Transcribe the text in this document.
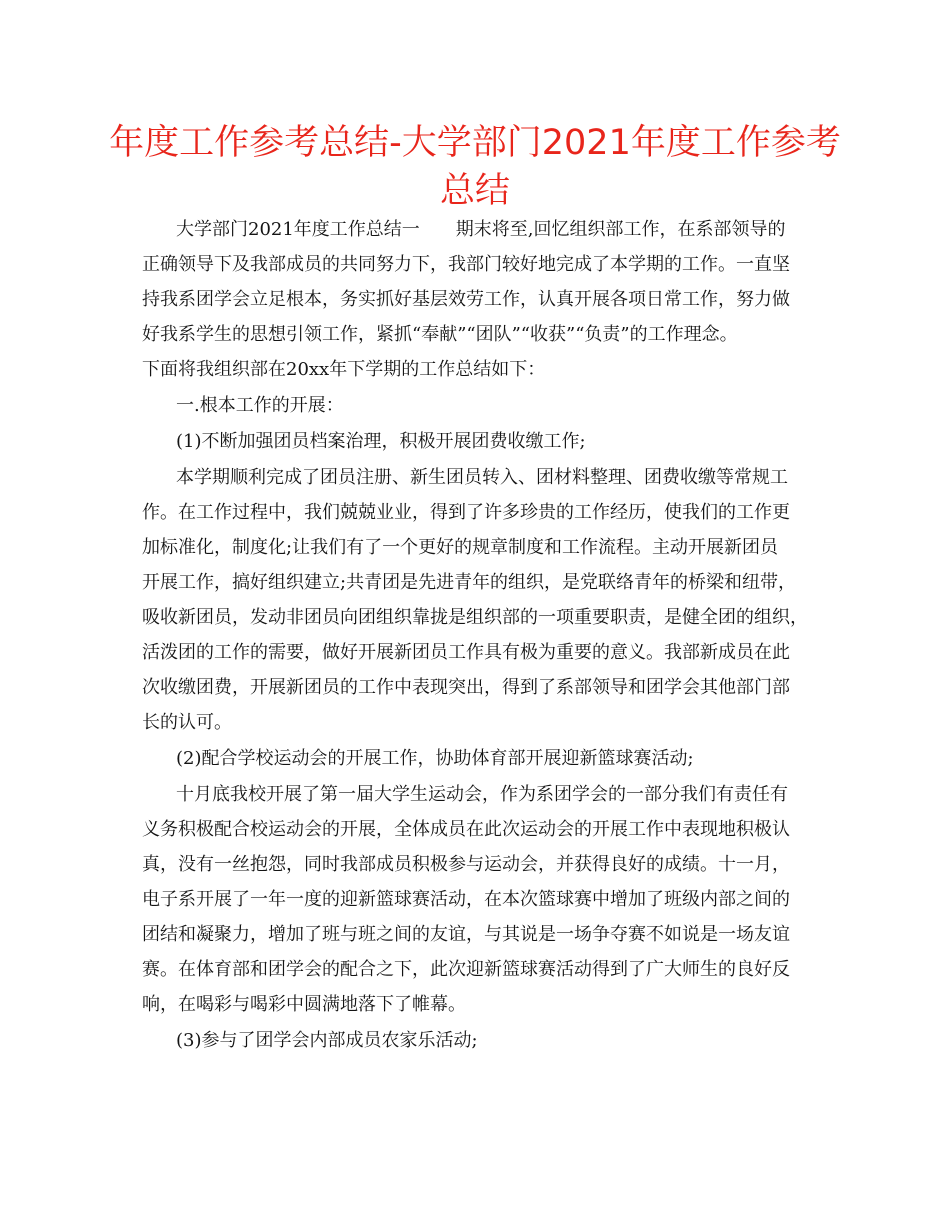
年度工作参考总结-大学部门2021年度工作参考
总结
大学部门2021年度工作总结一　　期末将至,回忆组织部工作，在系部领导的
正确领导下及我部成员的共同努力下，我部门较好地完成了本学期的工作。一直坚
持我系团学会立足根本，务实抓好基层效劳工作，认真开展各项日常工作，努力做
好我系学生的思想引领工作，紧抓“奉献”“团队”“收获”“负责”的工作理念。
下面将我组织部在20xx年下学期的工作总结如下：
一.根本工作的开展：
(1)不断加强团员档案治理，积极开展团费收缴工作;
本学期顺利完成了团员注册、新生团员转入、团材料整理、团费收缴等常规工
作。在工作过程中，我们兢兢业业，得到了许多珍贵的工作经历，使我们的工作更
加标准化，制度化;让我们有了一个更好的规章制度和工作流程。主动开展新团员
开展工作，搞好组织建立;共青团是先进青年的组织，是党联络青年的桥梁和纽带，
吸收新团员，发动非团员向团组织靠拢是组织部的一项重要职责，是健全团的组织，
活泼团的工作的需要，做好开展新团员工作具有极为重要的意义。我部新成员在此
次收缴团费，开展新团员的工作中表现突出，得到了系部领导和团学会其他部门部
长的认可。
(2)配合学校运动会的开展工作，协助体育部开展迎新篮球赛活动;
十月底我校开展了第一届大学生运动会，作为系团学会的一部分我们有责任有
义务积极配合校运动会的开展，全体成员在此次运动会的开展工作中表现地积极认
真，没有一丝抱怨，同时我部成员积极参与运动会，并获得良好的成绩。十一月，
电子系开展了一年一度的迎新篮球赛活动，在本次篮球赛中增加了班级内部之间的
团结和凝聚力，增加了班与班之间的友谊，与其说是一场争夺赛不如说是一场友谊
赛。在体育部和团学会的配合之下，此次迎新篮球赛活动得到了广大师生的良好反
响，在喝彩与喝彩中圆满地落下了帷幕。
(3)参与了团学会内部成员农家乐活动;
